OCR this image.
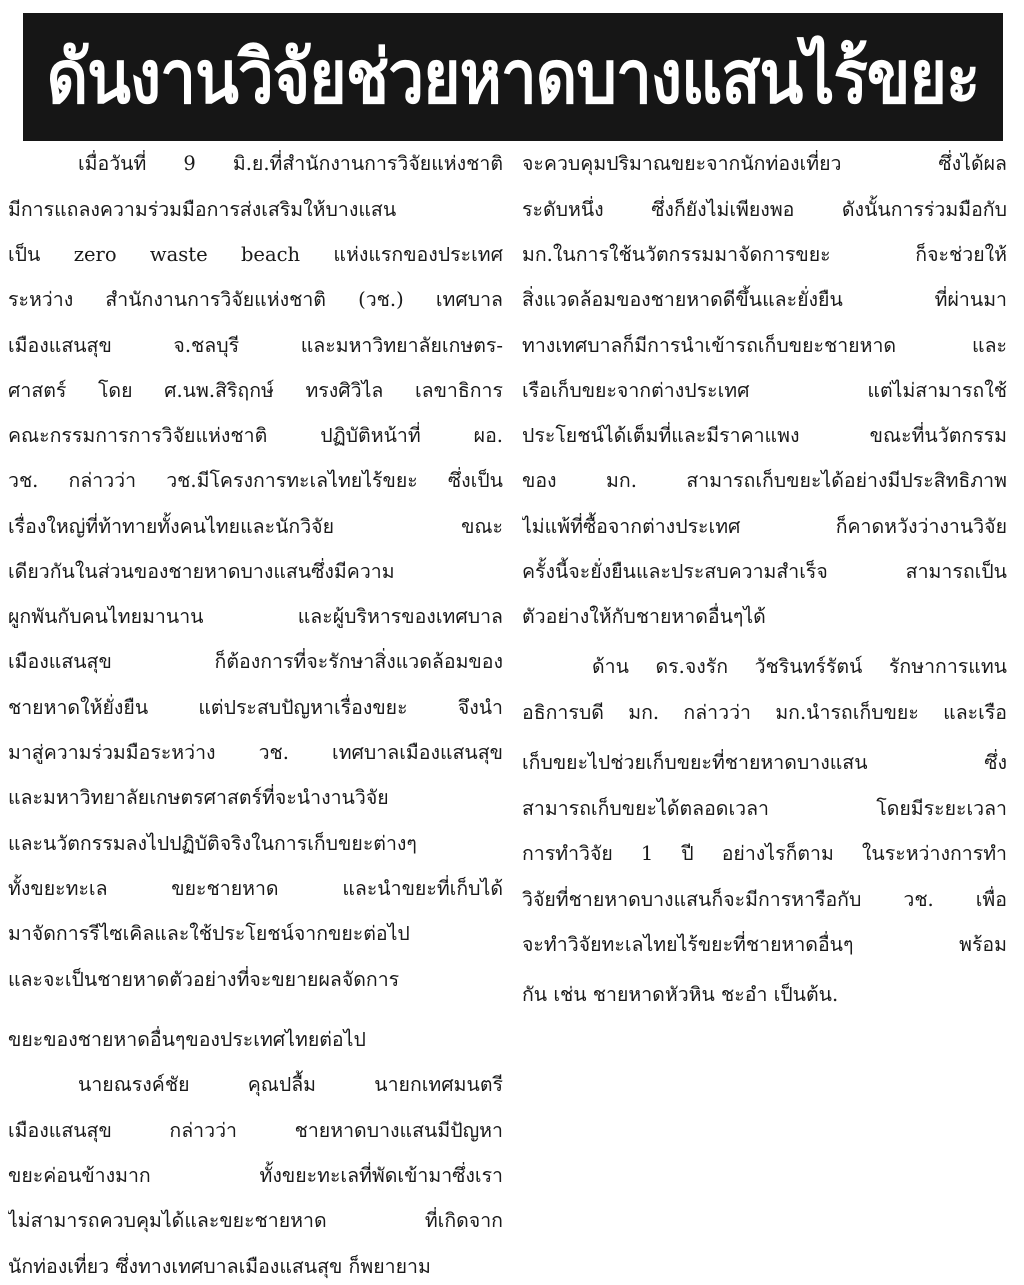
ดันงานวิจัยช่วยหาดบางแสนไร้ขยะ
เมื่อวันที่ 9 มิ.ย.ที่สำนักงานการวิจัยแห่งชาติ
มีการแถลงความร่วมมือการส่งเสริมให้บางแสน
เป็น zero waste beach แห่งแรกของประเทศ
ระหว่าง สำนักงานการวิจัยแห่งชาติ (วช.) เทศบาล
เมืองแสนสุข จ.ชลบุรี และมหาวิทยาลัยเกษตร-
ศาสตร์ โดย ศ.นพ.สิริฤกษ์ ทรงศิวิไล เลขาธิการ
คณะกรรมการการวิจัยแห่งชาติ ปฏิบัติหน้าที่ ผอ.
วช. กล่าวว่า วช.มีโครงการทะเลไทยไร้ขยะ ซึ่งเป็น
เรื่องใหญ่ที่ท้าทายทั้งคนไทยและนักวิจัย ขณะ
เดียวกันในส่วนของชายหาดบางแสนซึ่งมีความ
ผูกพันกับคนไทยมานาน และผู้บริหารของเทศบาล
เมืองแสนสุข ก็ต้องการที่จะรักษาสิ่งแวดล้อมของ
ชายหาดให้ยั่งยืน แต่ประสบปัญหาเรื่องขยะ จึงนำ
มาสู่ความร่วมมือระหว่าง วช. เทศบาลเมืองแสนสุข
และมหาวิทยาลัยเกษตรศาสตร์ที่จะนำงานวิจัย
และนวัตกรรมลงไปปฏิบัติจริงในการเก็บขยะต่างๆ
ทั้งขยะทะเล ขยะชายหาด และนำขยะที่เก็บได้
มาจัดการรีไซเคิลและใช้ประโยชน์จากขยะต่อไป
และจะเป็นชายหาดตัวอย่างที่จะขยายผลจัดการ
ขยะของชายหาดอื่นๆของประเทศไทยต่อไป
นายณรงค์ชัย คุณปลื้ม นายกเทศมนตรี
เมืองแสนสุข กล่าวว่า ชายหาดบางแสนมีปัญหา
ขยะค่อนข้างมาก ทั้งขยะทะเลที่พัดเข้ามาซึ่งเรา
ไม่สามารถควบคุมได้และขยะชายหาด ที่เกิดจาก
นักท่องเที่ยว ซึ่งทางเทศบาลเมืองแสนสุข ก็พยายาม
จะควบคุมปริมาณขยะจากนักท่องเที่ยว ซึ่งได้ผล
ระดับหนึ่ง ซึ่งก็ยังไม่เพียงพอ ดังนั้นการร่วมมือกับ
มก.ในการใช้นวัตกรรมมาจัดการขยะ ก็จะช่วยให้
สิ่งแวดล้อมของชายหาดดีขึ้นและยั่งยืน ที่ผ่านมา
ทางเทศบาลก็มีการนำเข้ารถเก็บขยะชายหาด และ
เรือเก็บขยะจากต่างประเทศ แต่ไม่สามารถใช้
ประโยชน์ได้เต็มที่และมีราคาแพง ขณะที่นวัตกรรม
ของ มก. สามารถเก็บขยะได้อย่างมีประสิทธิภาพ
ไม่แพ้ที่ซื้อจากต่างประเทศ ก็คาดหวังว่างานวิจัย
ครั้งนี้จะยั่งยืนและประสบความสำเร็จ สามารถเป็น
ตัวอย่างให้กับชายหาดอื่นๆได้
ด้าน ดร.จงรัก วัชรินทร์รัตน์ รักษาการแทน
อธิการบดี มก. กล่าวว่า มก.นำรถเก็บขยะ และเรือ
เก็บขยะไปช่วยเก็บขยะที่ชายหาดบางแสน ซึ่ง
สามารถเก็บขยะได้ตลอดเวลา โดยมีระยะเวลา
การทำวิจัย 1 ปี อย่างไรก็ตาม ในระหว่างการทำ
วิจัยที่ชายหาดบางแสนก็จะมีการหารือกับ วช. เพื่อ
จะทำวิจัยทะเลไทยไร้ขยะที่ชายหาดอื่นๆ พร้อม
กัน เช่น ชายหาดหัวหิน ชะอำ เป็นต้น.
